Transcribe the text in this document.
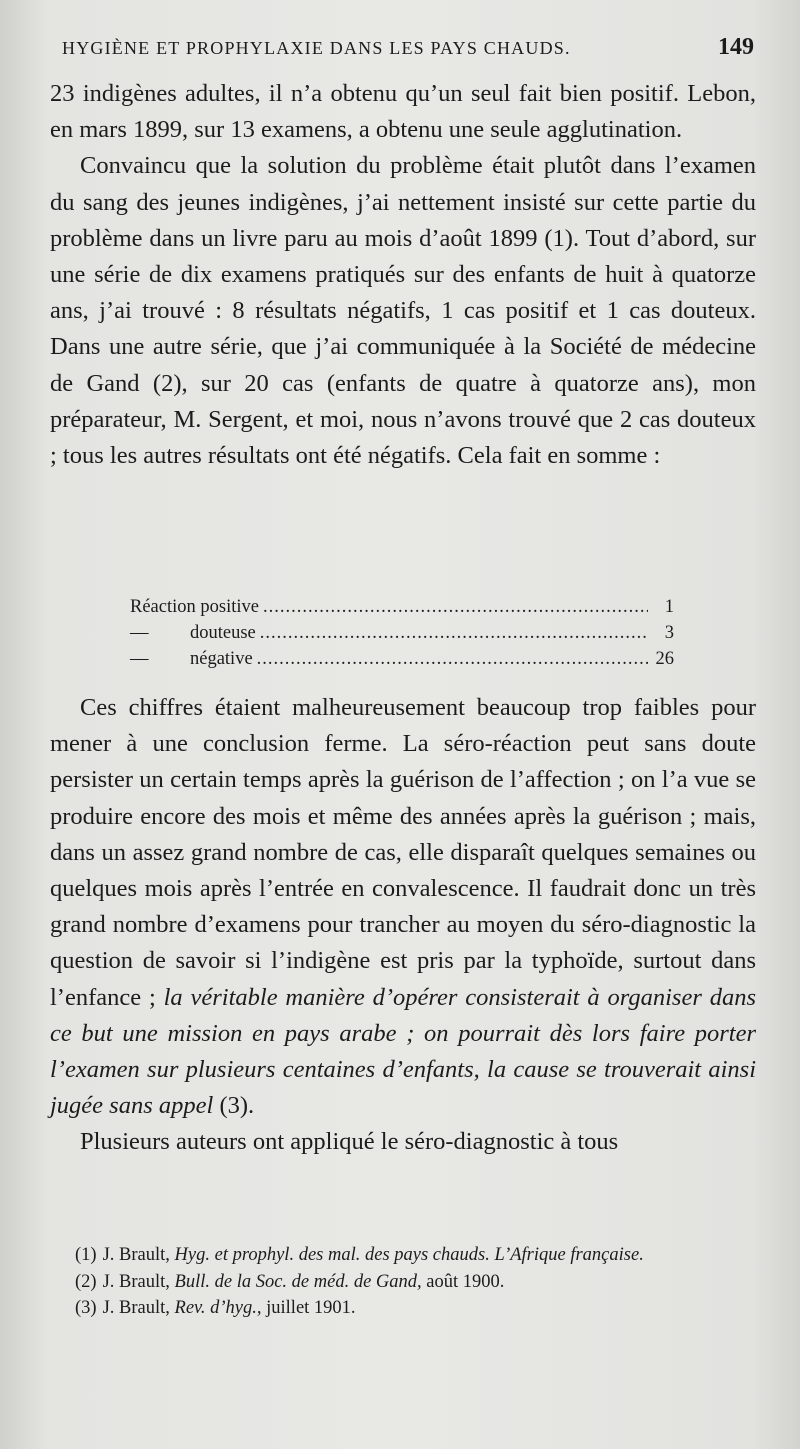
HYGIÈNE ET PROPHYLAXIE DANS LES PAYS CHAUDS.	149

23 indigènes adultes, il n’a obtenu qu’un seul fait bien positif. Lebon, en mars 1899, sur 13 examens, a obtenu une seule agglutination.

Convaincu que la solution du problème était plutôt dans l’examen du sang des jeunes indigènes, j’ai nettement insisté sur cette partie du problème dans un livre paru au mois d’août 1899 (1). Tout d’abord, sur une série de dix examens pratiqués sur des enfants de huit à quatorze ans, j’ai trouvé : 8 résultats négatifs, 1 cas positif et 1 cas douteux. Dans une autre série, que j’ai communiquée à la Société de médecine de Gand (2), sur 20 cas (enfants de quatre à quatorze ans), mon préparateur, M. Sergent, et moi, nous n’avons trouvé que 2 cas douteux ; tous les autres résultats ont été négatifs. Cela fait en somme :

Réaction positive .....	1
— douteuse .....	3
— négative .....	26

Ces chiffres étaient malheureusement beaucoup trop faibles pour mener à une conclusion ferme. La séro-réaction peut sans doute persister un certain temps après la guérison de l’affection ; on l’a vue se produire encore des mois et même des années après la guérison ; mais, dans un assez grand nombre de cas, elle disparaît quelques semaines ou quelques mois après l’entrée en convalescence. Il faudrait donc un très grand nombre d’examens pour trancher au moyen du séro-diagnostic la question de savoir si l’indigène est pris par la typhoïde, surtout dans l’enfance ; la véritable manière d’opérer consisterait à organiser dans ce but une mission en pays arabe ; on pourrait dès lors faire porter l’examen sur plusieurs centaines d’enfants, la cause se trouverait ainsi jugée sans appel (3).

Plusieurs auteurs ont appliqué le séro-diagnostic à tous

(1) J. Brault, Hyg. et prophyl. des mal. des pays chauds. L’Afrique française.

(2) J. Brault, Bull. de la Soc. de méd. de Gand, août 1900.

(3) J. Brault, Rev. d’hyg., juillet 1901.
